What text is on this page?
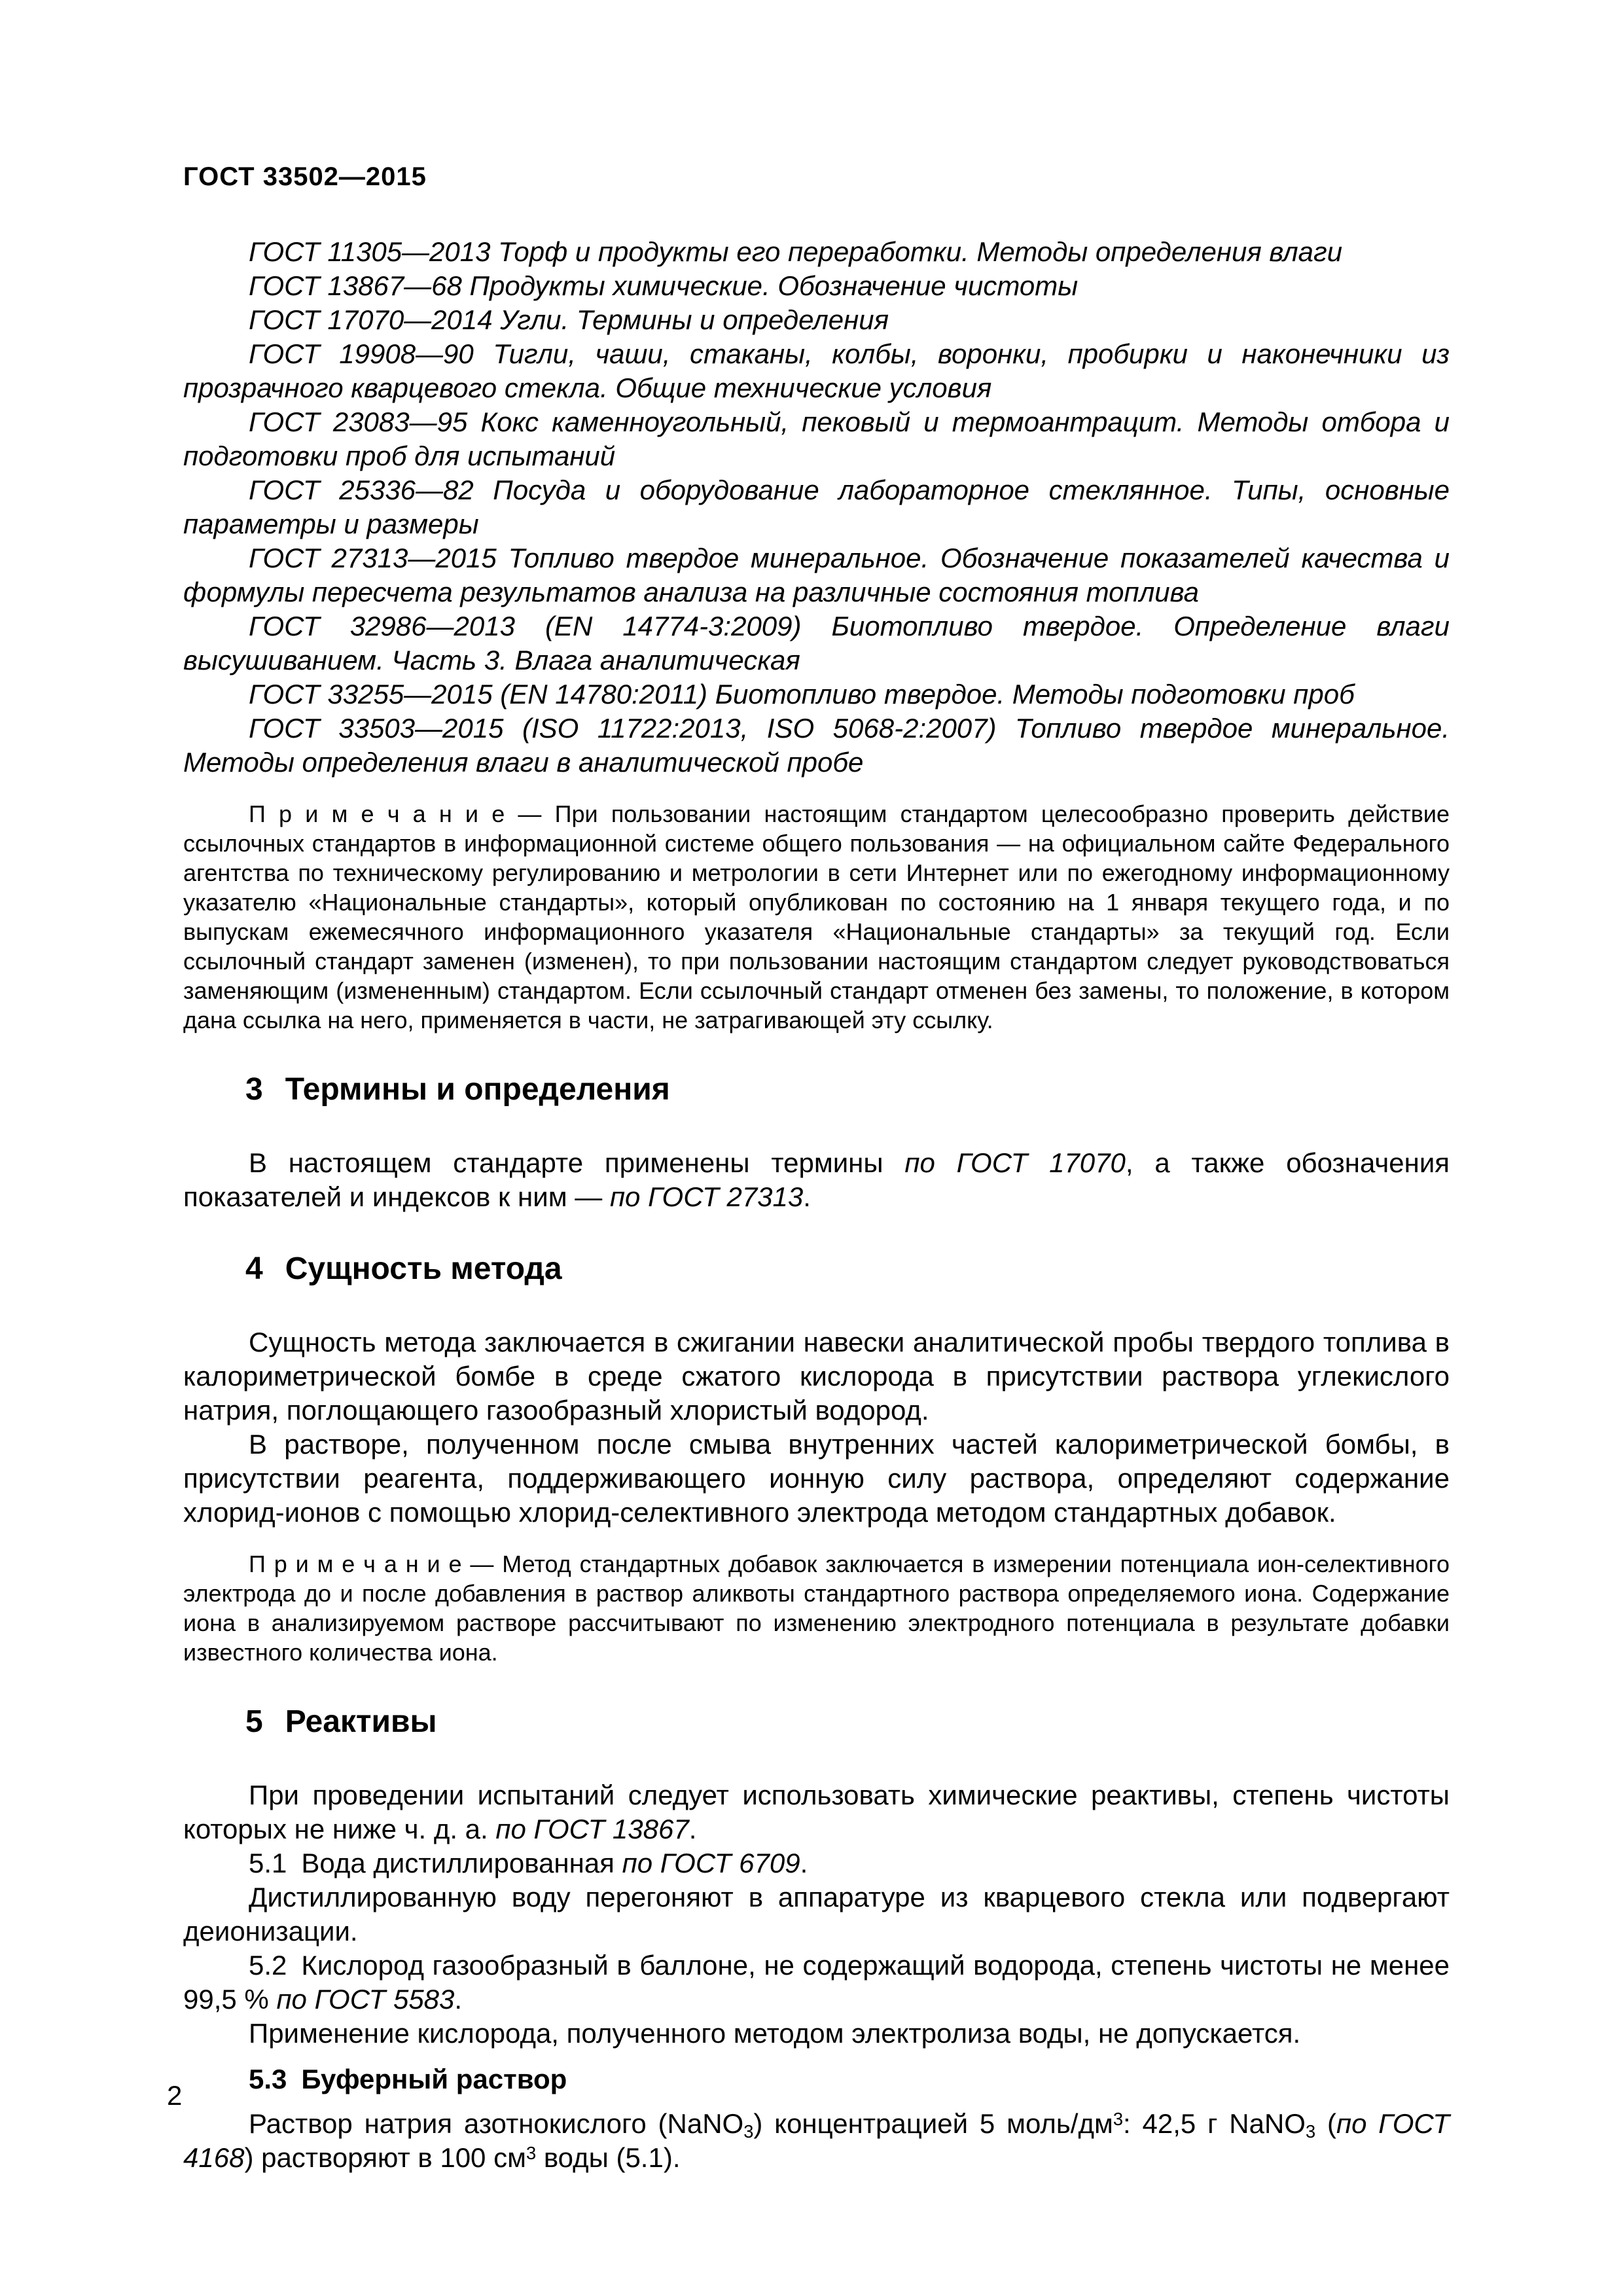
ГОСТ 33502—2015

ГОСТ 11305—2013 Торф и продукты его переработки. Методы определения влаги

ГОСТ 13867—68 Продукты химические. Обозначение чистоты

ГОСТ 17070—2014 Угли. Термины и определения

ГОСТ 19908—90 Тигли, чаши, стаканы, колбы, воронки, пробирки и наконечники из прозрачного кварцевого стекла. Общие технические условия

ГОСТ 23083—95 Кокс каменноугольный, пековый и термоантрацит. Методы отбора и подготовки проб для испытаний

ГОСТ 25336—82 Посуда и оборудование лабораторное стеклянное. Типы, основные параметры и размеры

ГОСТ 27313—2015 Топливо твердое минеральное. Обозначение показателей качества и формулы пересчета результатов анализа на различные состояния топлива

ГОСТ 32986—2013 (EN 14774-3:2009) Биотопливо твердое. Определение влаги высушиванием. Часть 3. Влага аналитическая

ГОСТ 33255—2015 (EN 14780:2011) Биотопливо твердое. Методы подготовки проб

ГОСТ 33503—2015 (ISO 11722:2013, ISO 5068-2:2007) Топливо твердое минеральное. Методы определения влаги в аналитической пробе

П р и м е ч а н и е — При пользовании настоящим стандартом целесообразно проверить действие ссылочных стандартов в информационной системе общего пользования — на официальном сайте Федерального агентства по техническому регулированию и метрологии в сети Интернет или по ежегодному информационному указателю «Национальные стандарты», который опубликован по состоянию на 1 января текущего года, и по выпускам ежемесячного информационного указателя «Национальные стандарты» за текущий год. Если ссылочный стандарт заменен (изменен), то при пользовании настоящим стандартом следует руководствоваться заменяющим (измененным) стандартом. Если ссылочный стандарт отменен без замены, то положение, в котором дана ссылка на него, применяется в части, не затрагивающей эту ссылку.

3 Термины и определения

В настоящем стандарте применены термины по ГОСТ 17070, а также обозначения показателей и индексов к ним — по ГОСТ 27313.

4 Сущность метода

Сущность метода заключается в сжигании навески аналитической пробы твердого топлива в калориметрической бомбе в среде сжатого кислорода в присутствии раствора углекислого натрия, поглощающего газообразный хлористый водород.

В растворе, полученном после смыва внутренних частей калориметрической бомбы, в присутствии реагента, поддерживающего ионную силу раствора, определяют содержание хлорид-ионов с помощью хлорид-селективного электрода методом стандартных добавок.

П р и м е ч а н и е — Метод стандартных добавок заключается в измерении потенциала ион-селективного электрода до и после добавления в раствор аликвоты стандартного раствора определяемого иона. Содержание иона в анализируемом растворе рассчитывают по изменению электродного потенциала в результате добавки известного количества иона.

5 Реактивы

При проведении испытаний следует использовать химические реактивы, степень чистоты которых не ниже ч. д. а. по ГОСТ 13867.

5.1 Вода дистиллированная по ГОСТ 6709.

Дистиллированную воду перегоняют в аппаратуре из кварцевого стекла или подвергают деионизации.

5.2 Кислород газообразный в баллоне, не содержащий водорода, степень чистоты не менее 99,5 % по ГОСТ 5583.

Применение кислорода, полученного методом электролиза воды, не допускается.

5.3 Буферный раствор

Раствор натрия азотнокислого (NaNO3) концентрацией 5 моль/$дм^3$: 42,5 г NaNO3 (по ГОСТ 4168) растворяют в 100 $см^3$ воды (5.1).

2
